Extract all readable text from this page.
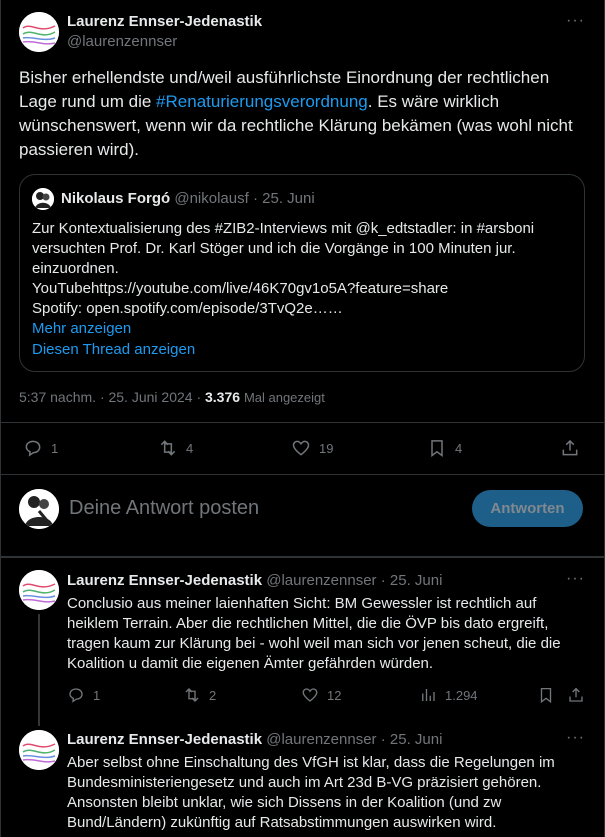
Laurenz Ennser-Jedenastik
@laurenzennser
···
Bisher erhellendste und/weil ausführlichste Einordnung der rechtlichen Lage rund um die #Renaturierungsverordnung. Es wäre wirklich wünschenswert, wenn wir da rechtliche Klärung bekämen (was wohl nicht passieren wird).
Nikolaus Forgó @nikolausf · 25. Juni
Zur Kontextualisierung des #ZIB2-Interviews mit @k_edtstadler: in #arsboni
versuchten Prof. Dr. Karl Stöger und ich die Vorgänge in 100 Minuten jur.
einzuordnen.
YouTubehttps://youtube.com/live/46K70gv1o5A?feature=share
Spotify: open.spotify.com/episode/3TvQ2e……
Mehr anzeigen
Diesen Thread anzeigen
5:37 nachm. · 25. Juni 2024 · 3.376 Mal angezeigt
1	4	19	4
Deine Antwort posten	Antworten
Laurenz Ennser-Jedenastik @laurenzennser · 25. Juni	···
Conclusio aus meiner laienhaften Sicht: BM Gewessler ist rechtlich auf
heiklem Terrain. Aber die rechtlichen Mittel, die die ÖVP bis dato ergreift,
tragen kaum zur Klärung bei - wohl weil man sich vor jenen scheut, die die
Koalition u damit die eigenen Ämter gefährden würden.
1	2	12	1.294
Laurenz Ennser-Jedenastik @laurenzennser · 25. Juni	···
Aber selbst ohne Einschaltung des VfGH ist klar, dass die Regelungen im
Bundesministeriengesetz und auch im Art 23d B-VG präzisiert gehören.
Ansonsten bleibt unklar, wie sich Dissens in der Koalition (und zw
Bund/Ländern) zukünftig auf Ratsabstimmungen auswirken wird.
